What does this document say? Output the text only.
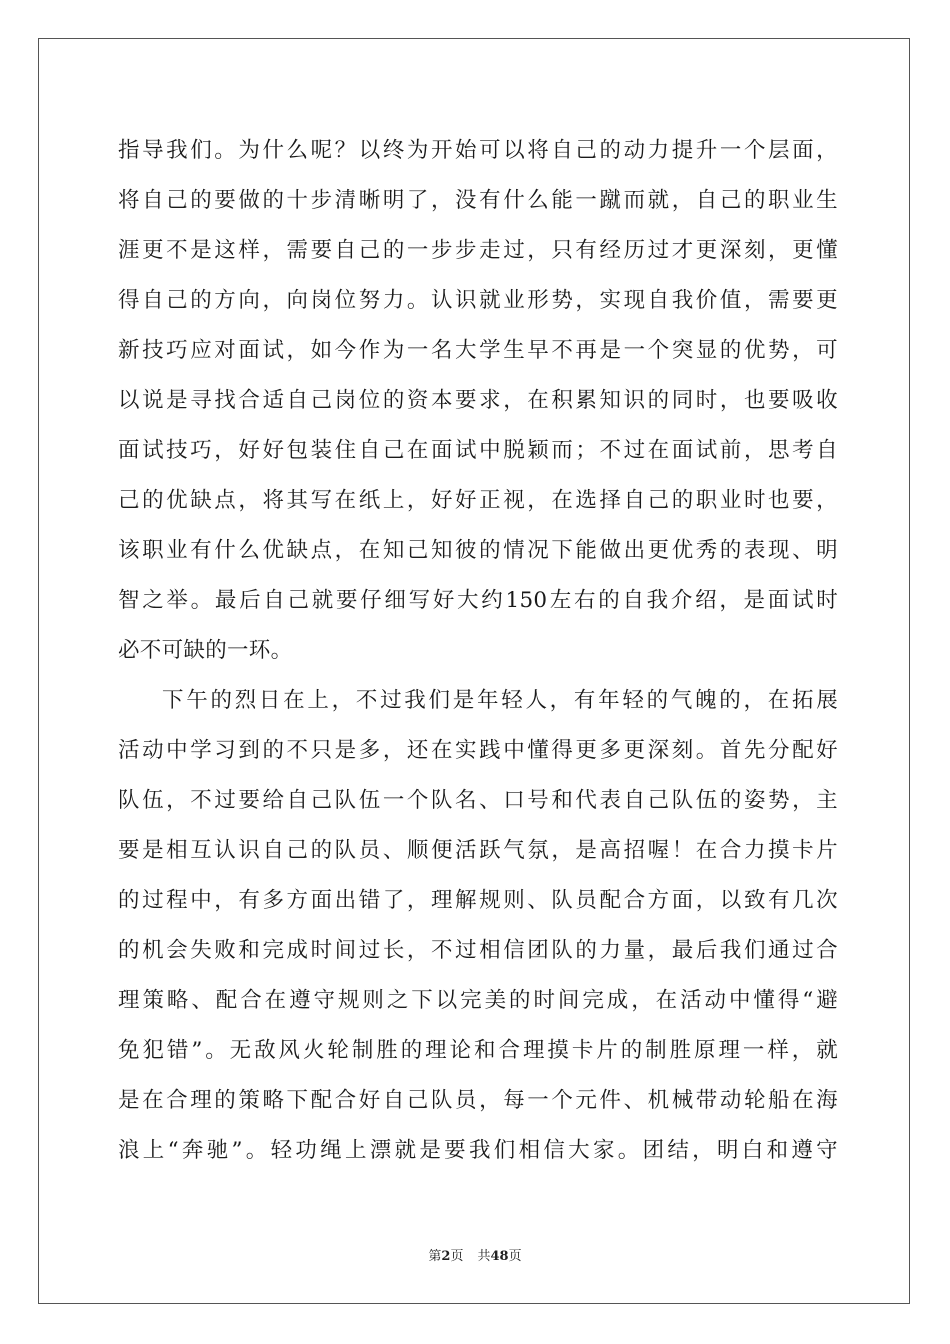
指导我们。为什么呢？以终为开始可以将自己的动力提升一个层面，
将自己的要做的十步清晰明了，没有什么能一蹴而就，自己的职业生
涯更不是这样，需要自己的一步步走过，只有经历过才更深刻，更懂
得自己的方向，向岗位努力。认识就业形势，实现自我价值，需要更
新技巧应对面试，如今作为一名大学生早不再是一个突显的优势，可
以说是寻找合适自己岗位的资本要求，在积累知识的同时，也要吸收
面试技巧，好好包装住自己在面试中脱颖而；不过在面试前，思考自
己的优缺点，将其写在纸上，好好正视，在选择自己的职业时也要，
该职业有什么优缺点，在知己知彼的情况下能做出更优秀的表现、明
智之举。最后自己就要仔细写好大约150左右的自我介绍，是面试时
必不可缺的一环。
下午的烈日在上，不过我们是年轻人，有年轻的气魄的，在拓展
活动中学习到的不只是多，还在实践中懂得更多更深刻。首先分配好
队伍，不过要给自己队伍一个队名、口号和代表自己队伍的姿势，主
要是相互认识自己的队员、顺便活跃气氛，是高招喔！在合力摸卡片
的过程中，有多方面出错了，理解规则、队员配合方面，以致有几次
的机会失败和完成时间过长，不过相信团队的力量，最后我们通过合
理策略、配合在遵守规则之下以完美的时间完成，在活动中懂得“避
免犯错”。无敌风火轮制胜的理论和合理摸卡片的制胜原理一样，就
是在合理的策略下配合好自己队员，每一个元件、机械带动轮船在海
浪上“奔驰”。轻功绳上漂就是要我们相信大家。团结，明白和遵守
第2页 共48页
